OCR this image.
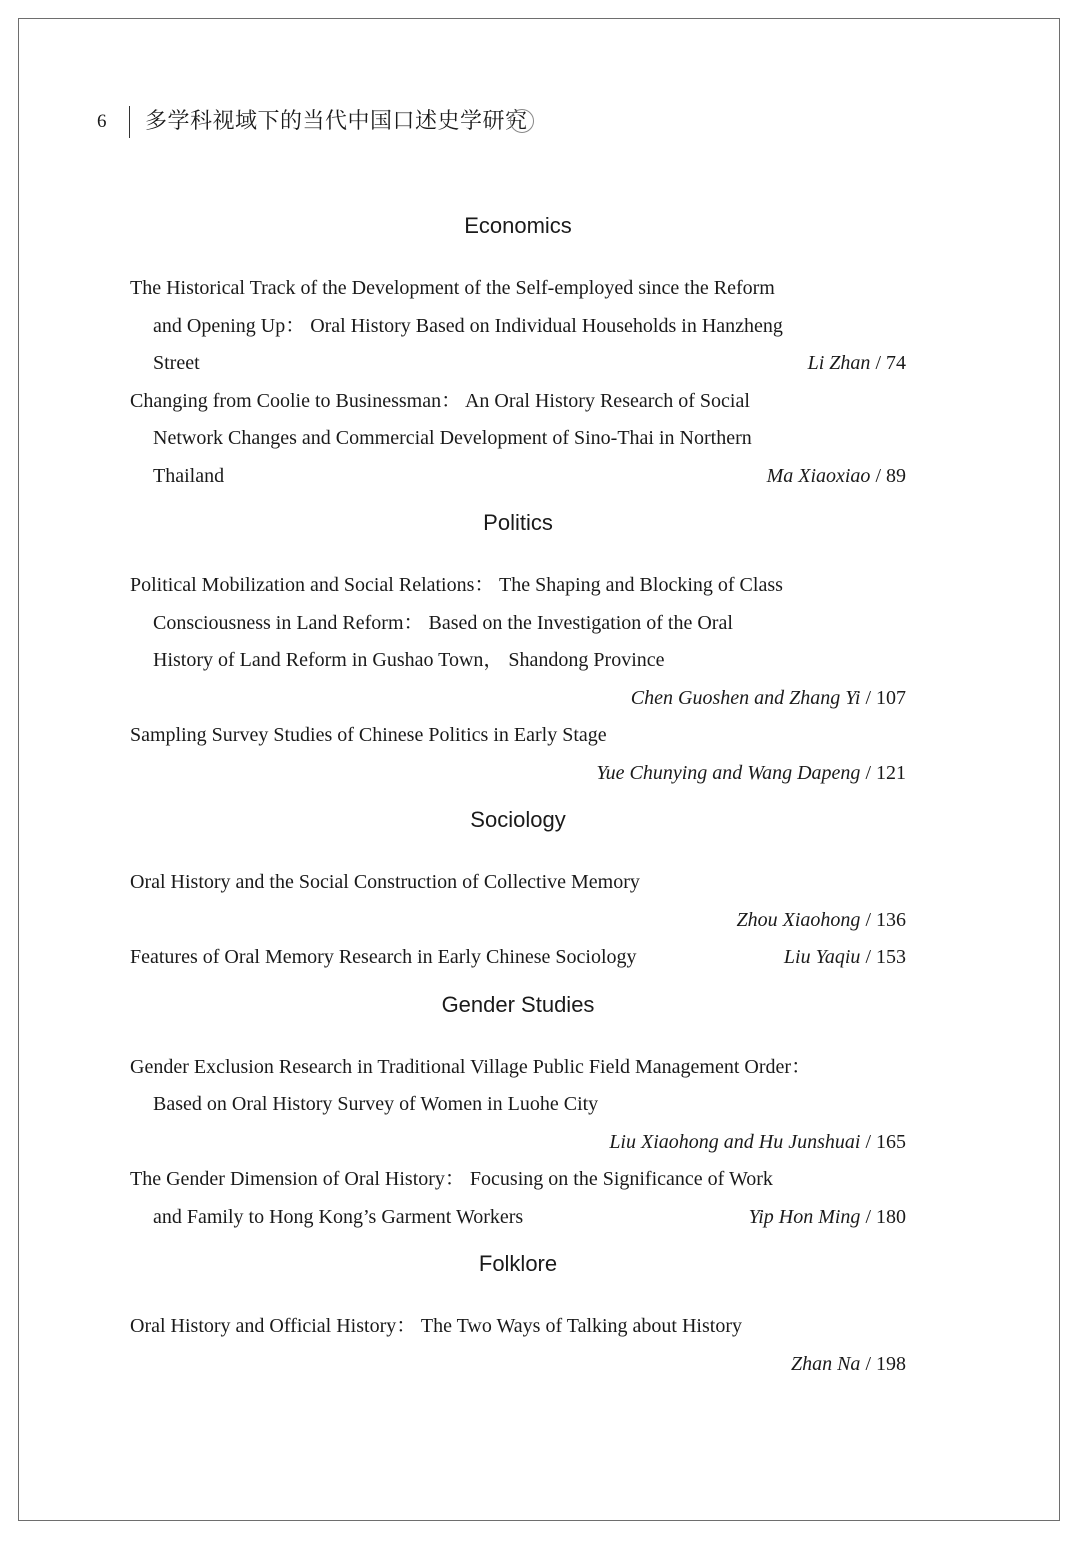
6 多学科视域下的当代中国口述史学研究
Economics

The Historical Track of the Development of the Self-employed since the Reform

and Opening Up： Oral History Based on Individual Households in Hanzheng

Street	Li Zhan / 74

Changing from Coolie to Businessman： An Oral History Research of Social

Network Changes and Commercial Development of Sino-Thai in Northern

Thailand	Ma Xiaoxiao / 89

Politics

Political Mobilization and Social Relations： The Shaping and Blocking of Class

Consciousness in Land Reform： Based on the Investigation of the Oral

History of Land Reform in Gushao Town， Shandong Province

Chen Guoshen and Zhang Yi / 107

Sampling Survey Studies of Chinese Politics in Early Stage

Yue Chunying and Wang Dapeng / 121

Sociology

Oral History and the Social Construction of Collective Memory

Zhou Xiaohong / 136

Features of Oral Memory Research in Early Chinese Sociology	Liu Yaqiu / 153

Gender Studies

Gender Exclusion Research in Traditional Village Public Field Management Order：

Based on Oral History Survey of Women in Luohe City

Liu Xiaohong and Hu Junshuai / 165

The Gender Dimension of Oral History： Focusing on the Significance of Work

and Family to Hong Kong’s Garment Workers	Yip Hon Ming / 180

Folklore

Oral History and Official History： The Two Ways of Talking about History

Zhan Na / 198
